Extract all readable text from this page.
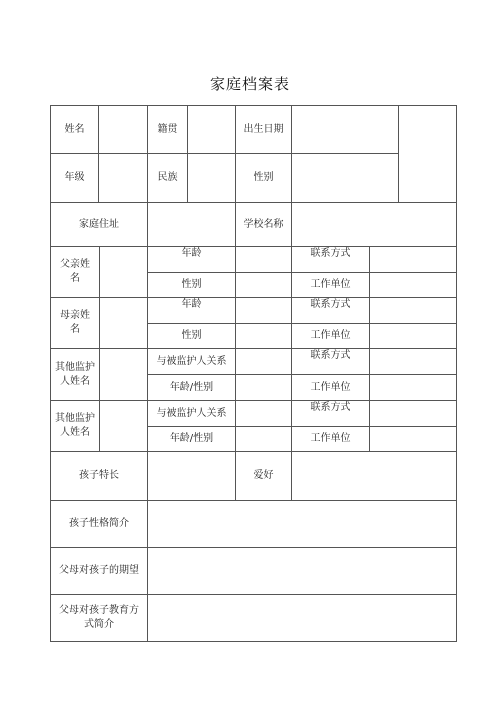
家庭档案表
姓名	籍贯	出生日期
年级	民族	性别
家庭住址	学校名称
父亲姓名
年龄	联系方式
性别	工作单位
母亲姓名
年龄	联系方式
性别	工作单位
其他监护人姓名
与被监护人关系	联系方式
年龄/性别	工作单位
其他监护人姓名
与被监护人关系	联系方式
年龄/性别	工作单位
孩子特长	爱好
孩子性格简介
父母对孩子的期望
父母对孩子教育方式简介
